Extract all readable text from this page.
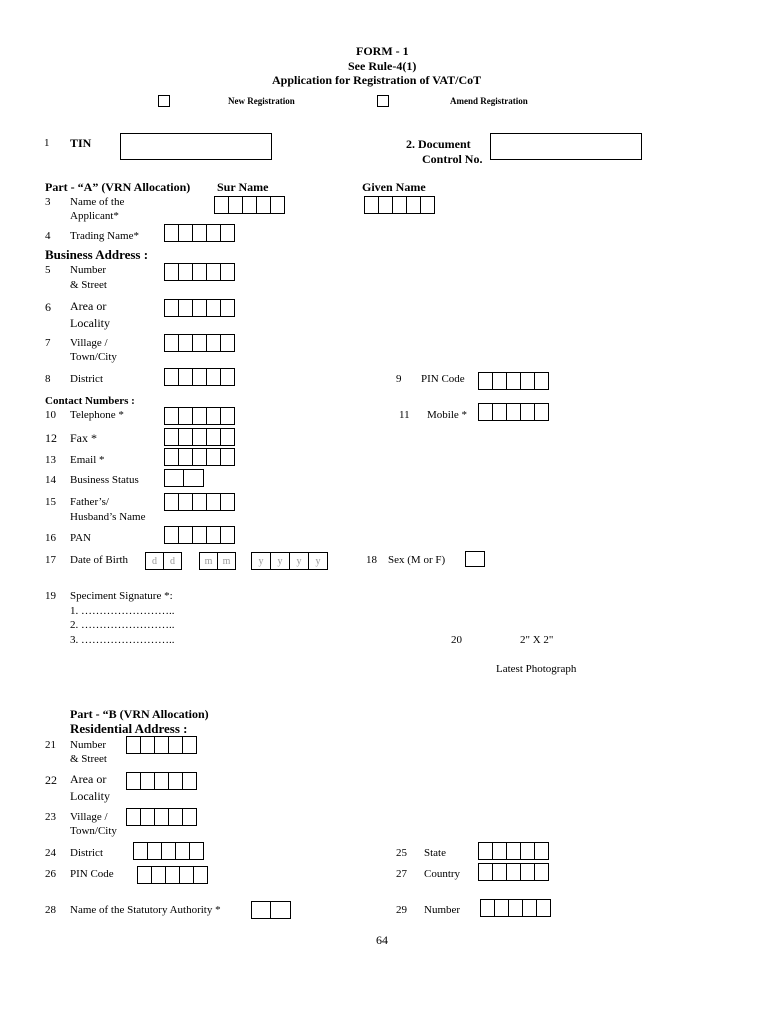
FORM - 1
See Rule-4(1)
Application for Registration of VAT/CoT
New Registration	Amend Registration
1 TIN	2. Document
Control No.
Part - “A” (VRN Allocation) Sur Name	Given Name
3 Name of the
Applicant*
4 Trading Name*
Business Address :
5 Number
& Street
6 Area or
Locality
7 Village /
Town/City
8 District	9 PIN Code
Contact Numbers :
10 Telephone *	11 Mobile *
12 Fax *
13 Email *
14 Business Status
15 Father’s/
Husband’s Name
16 PAN
17 Date of Birth	d	d	m	m	y	y	y	y	18 Sex (M or F)
19 Speciment Signature *:
1. ……………………..
2. ……………………..
3. ……………………..	20	2" X 2"
Latest Photograph
Part - “B (VRN Allocation)
Residential Address :
21 Number
& Street
22 Area or
Locality
23 Village /
Town/City
24 District	25 State
26 PIN Code	27 Country
28 Name of the Statutory Authority *	29 Number
64
